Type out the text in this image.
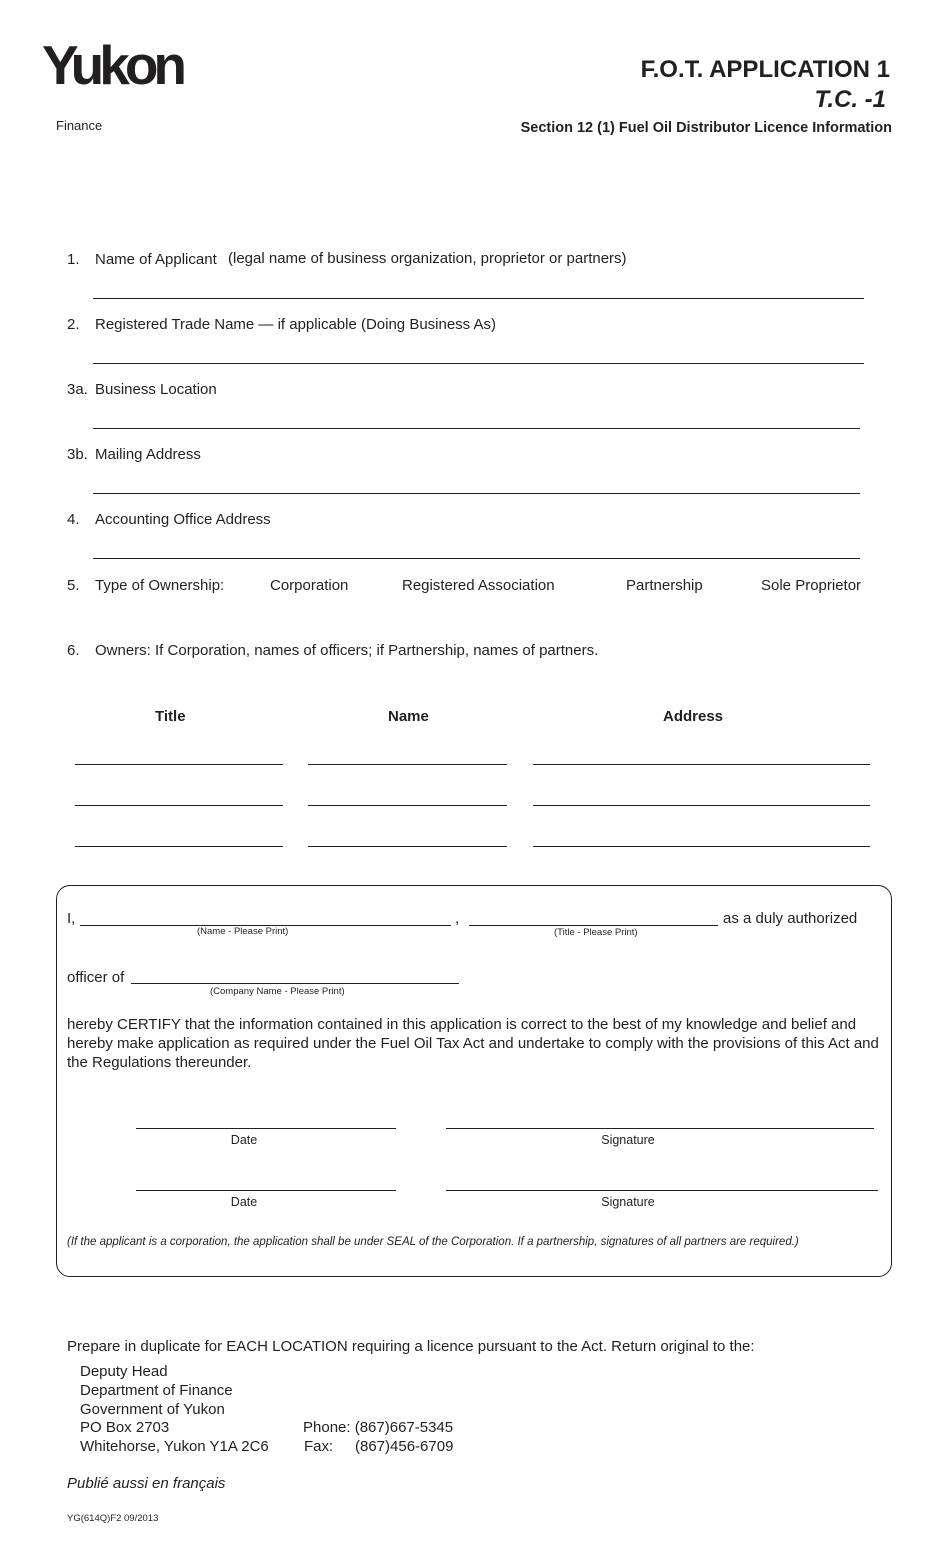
Yukon
Finance
F.O.T. APPLICATION 1
T.C. -1
Section 12 (1) Fuel Oil Distributor Licence Information
1. Name of Applicant (legal name of business organization, proprietor or partners)
2. Registered Trade Name — if applicable (Doing Business As)
3a. Business Location
3b. Mailing Address
4. Accounting Office Address
5. Type of Ownership:	Corporation	Registered Association	Partnership	Sole Proprietor
6. Owners: If Corporation, names of officers; if Partnership, names of partners.
Title	Name	Address
I,	,	as a duly authorized
(Name - Please Print)	(Title - Please Print)
officer of
(Company Name - Please Print)
hereby CERTIFY that the information contained in this application is correct to the best of my knowledge and belief and hereby make application as required under the Fuel Oil Tax Act and undertake to comply with the provisions of this Act and the Regulations thereunder.
Date	Signature
Date	Signature
(If the applicant is a corporation, the application shall be under SEAL of the Corporation. If a partnership, signatures of all partners are required.)
Prepare in duplicate for EACH LOCATION requiring a licence pursuant to the Act. Return original to the:
Deputy Head
Department of Finance
Government of Yukon
PO Box 2703
Whitehorse, Yukon Y1A 2C6
Phone: (867)667-5345
Fax: (867)456-6709
Publié aussi en français
YG(614Q)F2 09/2013
